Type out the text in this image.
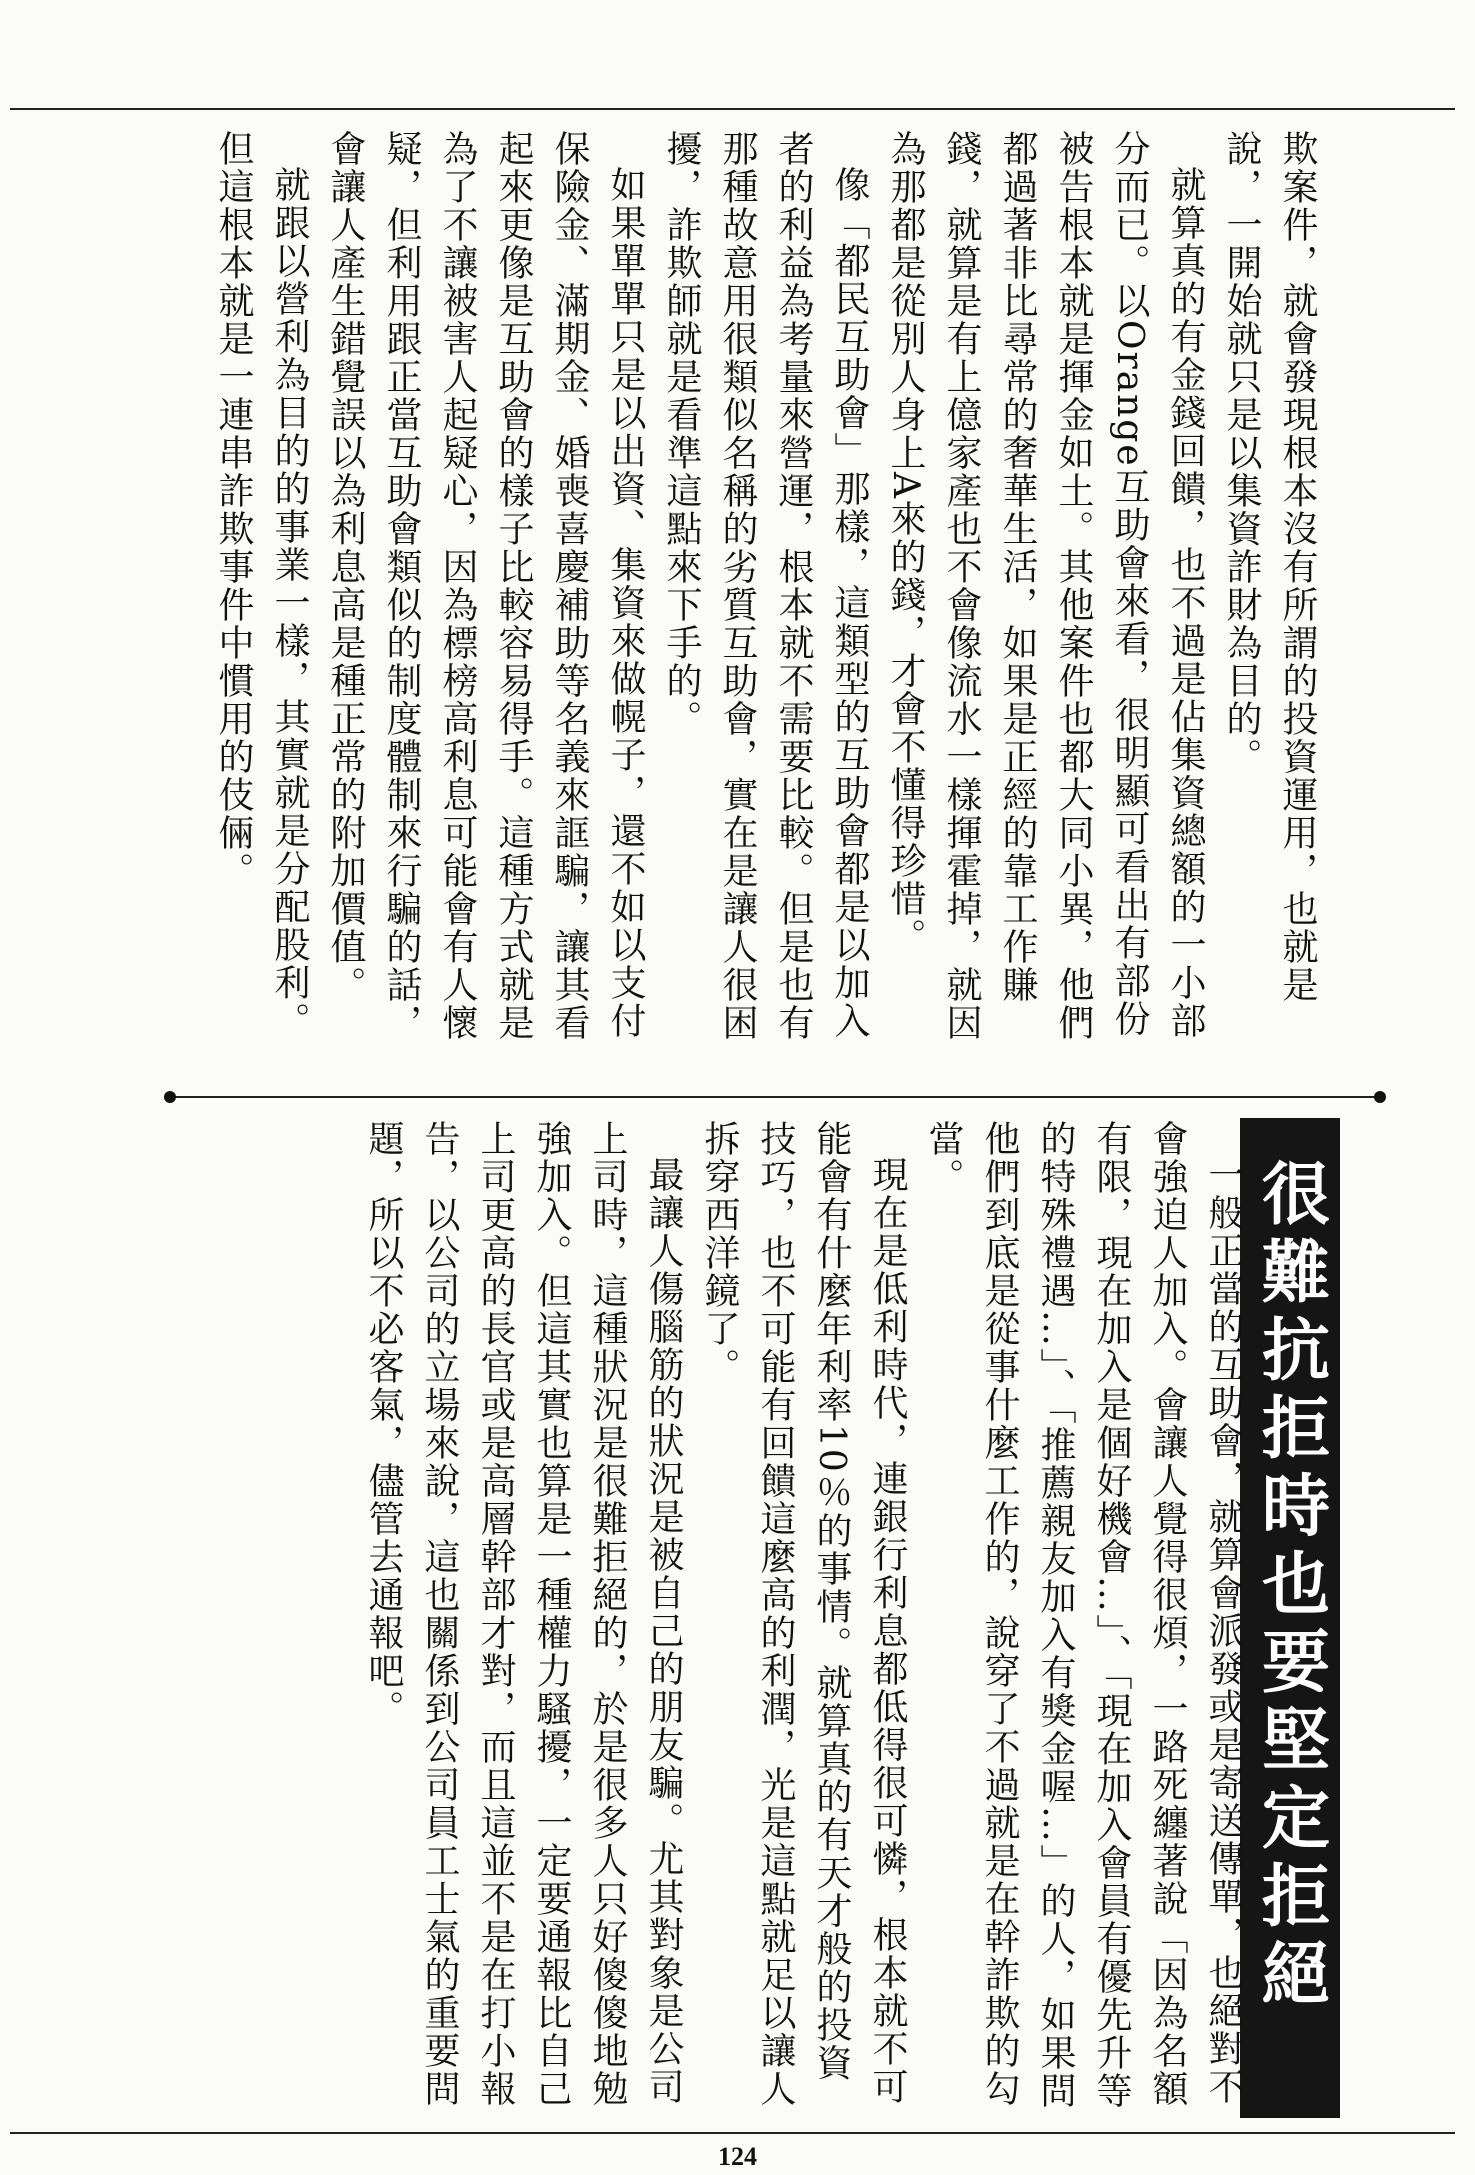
欺案件，就會發現根本沒有所謂的投資運用，也就是說，一開始就只是以集資詐財為目的。

就算真的有金錢回饋，也不過是佔集資總額的一小部分而已。以Orange互助會來看，很明顯可看出有部份被告根本就是揮金如土。其他案件也都大同小異，他們都過著非比尋常的奢華生活，如果是正經的靠工作賺錢，就算是有上億家產也不會像流水一樣揮霍掉，就因為那都是從別人身上A來的錢，才會不懂得珍惜。

像「都民互助會」那樣，這類型的互助會都是以加入者的利益為考量來營運，根本就不需要比較。但是也有那種故意用很類似名稱的劣質互助會，實在是讓人很困擾，詐欺師就是看準這點來下手的。

如果單單只是以出資、集資來做幌子，還不如以支付保險金、滿期金、婚喪喜慶補助等名義來誆騙，讓其看起來更像是互助會的樣子比較容易得手。這種方式就是為了不讓被害人起疑心，因為標榜高利息可能會有人懷疑，但利用跟正當互助會類似的制度體制來行騙的話，會讓人產生錯覺誤以為利息高是種正常的附加價值。

就跟以營利為目的的事業一樣，其實就是分配股利。但這根本就是一連串詐欺事件中慣用的伎倆。

很難抗拒時也要堅定拒絕

一般正當的互助會，就算會派發或是寄送傳單，也絕對不會強迫人加入。會讓人覺得很煩，一路死纏著說「因為名額有限，現在加入是個好機會…」、「現在加入會員有優先升等的特殊禮遇…」、「推薦親友加入有獎金喔…」的人，如果問他們到底是從事什麼工作的，說穿了不過就是在幹詐欺的勾當。

現在是低利時代，連銀行利息都低得很可憐，根本就不可能會有什麼年利率10％的事情。就算真的有天才般的投資技巧，也不可能有回饋這麼高的利潤，光是這點就足以讓人拆穿西洋鏡了。

最讓人傷腦筋的狀況是被自己的朋友騙。尤其對象是公司上司時，這種狀況是很難拒絕的，於是很多人只好傻傻地勉強加入。但這其實也算是一種權力騷擾，一定要通報比自己上司更高的長官或是高層幹部才對，而且這並不是在打小報告，以公司的立場來說，這也關係到公司員工士氣的重要問題，所以不必客氣，儘管去通報吧。

124
